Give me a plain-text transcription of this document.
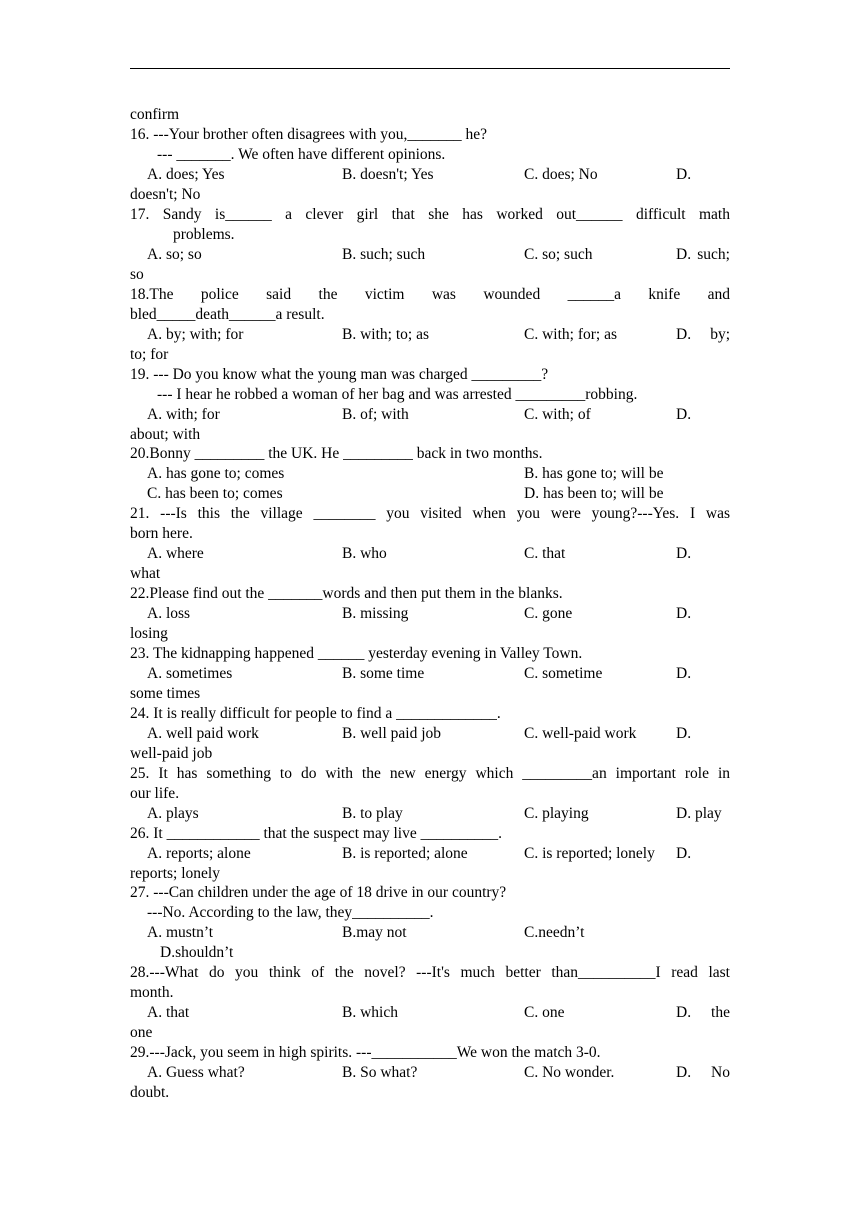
confirm
16. ---Your brother often disagrees with you,_______ he?
--- _______. We often have different opinions.
A. does; Yes	B. doesn't; Yes	C. does; No	D.
doesn't; No
17. Sandy is______ a clever girl that she has worked out______ difficult math
problems.
A. so; so	B. such; such	C. so; such	D. such;
so
18.The police said the victim was wounded ______a knife and
bled_____death______a result.
A. by; with; for	B. with; to; as	C. with; for; as	D. by;
to; for
19. --- Do you know what the young man was charged _________?
--- I hear he robbed a woman of her bag and was arrested _________robbing.
A. with; for	B. of; with	C. with; of	D.
about; with
20.Bonny _________ the UK. He _________ back in two months.
A. has gone to; comes	B. has gone to; will be
C. has been to; comes	D. has been to; will be
21. ---Is this the village ________ you visited when you were young?---Yes. I was
born here.
A. where	B. who	C. that	D.
what
22.Please find out the _______words and then put them in the blanks.
A. loss	B. missing	C. gone	D.
losing
23. The kidnapping happened ______ yesterday evening in Valley Town.
A. sometimes	B. some time	C. sometime	D.
some times
24. It is really difficult for people to find a _____________.
A. well paid work	B. well paid job	C. well-paid work	D.
well-paid job
25. It has something to do with the new energy which _________an important role in
our life.
A. plays	B. to play	C. playing	D. play
26. It ____________ that the suspect may live __________.
A. reports; alone	B. is reported; alone	C. is reported; lonely D.
reports; lonely
27. ---Can children under the age of 18 drive in our country?
---No. According to the law, they__________.
A. mustn’t	B.may not	C.needn’t
D.shouldn’t
28.---What do you think of the novel? ---It's much better than__________I read last
month.
A. that	B. which	C. one	D. the
one
29.---Jack, you seem in high spirits. ---___________We won the match 3-0.
A. Guess what?	B. So what?	C. No wonder.	D. No
doubt.
